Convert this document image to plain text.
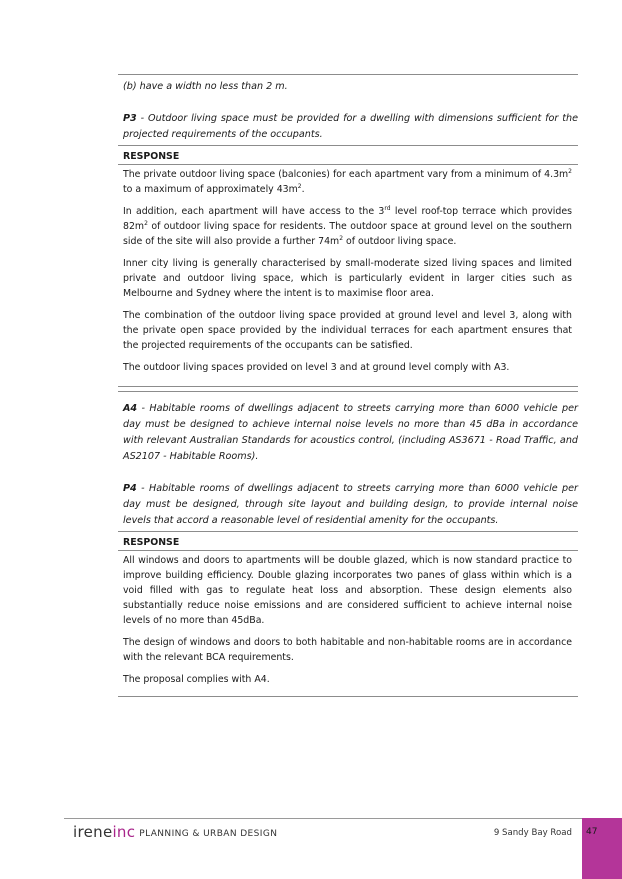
(b) have a width no less than 2 m.

P3 - Outdoor living space must be provided for a dwelling with dimensions sufficient for the projected requirements of the occupants.

RESPONSE

The private outdoor living space (balconies) for each apartment vary from a minimum of $4.3m^2$ to a maximum of approximately $43m^2$.

In addition, each apartment will have access to the 3rd level roof-top terrace which provides $82m^2$ of outdoor living space for residents. The outdoor space at ground level on the southern side of the site will also provide a further $74m^2$ of outdoor living space.

Inner city living is generally characterised by small-moderate sized living spaces and limited private and outdoor living space, which is particularly evident in larger cities such as Melbourne and Sydney where the intent is to maximise floor area.

The combination of the outdoor living space provided at ground level and level 3, along with the private open space provided by the individual terraces for each apartment ensures that the projected requirements of the occupants can be satisfied.

The outdoor living spaces provided on level 3 and at ground level comply with A3.

A4 - Habitable rooms of dwellings adjacent to streets carrying more than 6000 vehicle per day must be designed to achieve internal noise levels no more than 45 dBa in accordance with relevant Australian Standards for acoustics control, (including AS3671 - Road Traffic, and AS2107 - Habitable Rooms).

P4 - Habitable rooms of dwellings adjacent to streets carrying more than 6000 vehicle per day must be designed, through site layout and building design, to provide internal noise levels that accord a reasonable level of residential amenity for the occupants.

RESPONSE

All windows and doors to apartments will be double glazed, which is now standard practice to improve building efficiency. Double glazing incorporates two panes of glass within which is a void filled with gas to regulate heat loss and absorption. These design elements also substantially reduce noise emissions and are considered sufficient to achieve internal noise levels of no more than 45dBa.

The design of windows and doors to both habitable and non-habitable rooms are in accordance with the relevant BCA requirements.

The proposal complies with A4.

ireneinc PLANNING & URBAN DESIGN	9 Sandy Bay Road 47
